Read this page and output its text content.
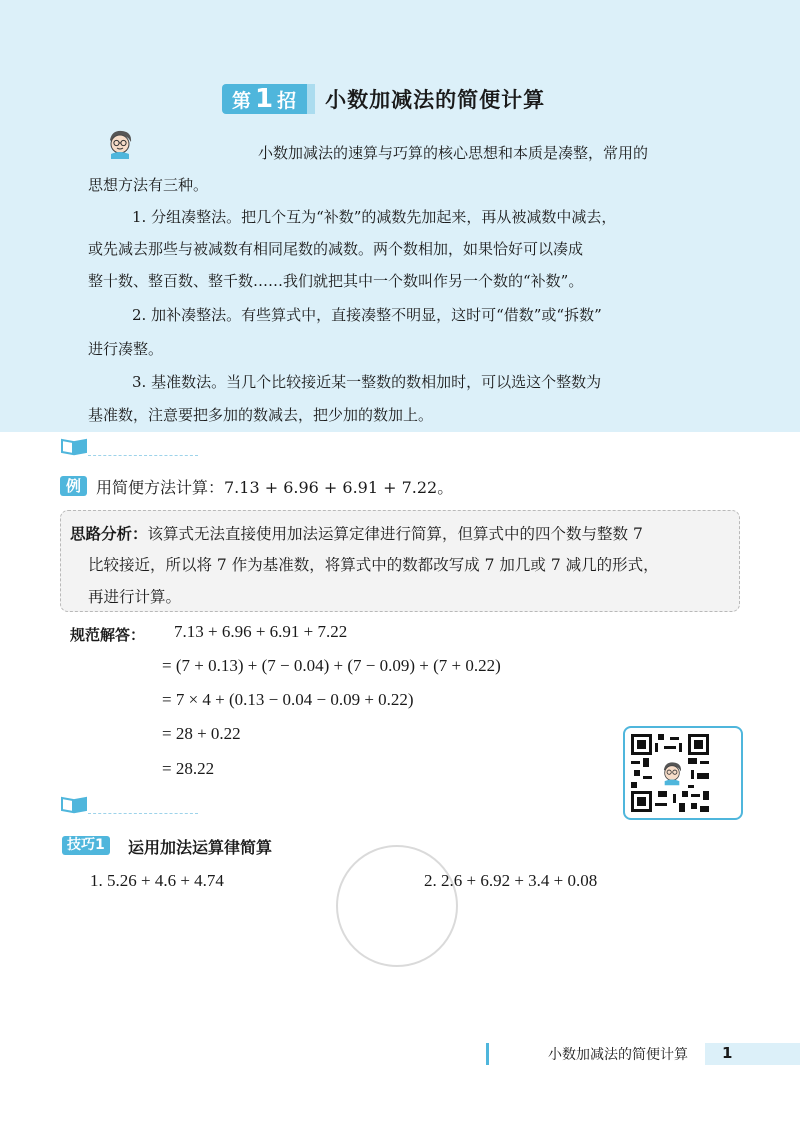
第 1 招 小数加减法的简便计算
小数加减法的速算与巧算的核心思想和本质是凑整，常用的
思想方法有三种。
1. 分组凑整法。把几个互为“补数”的减数先加起来，再从被减数中减去，
或先减去那些与被减数有相同尾数的减数。两个数相加，如果恰好可以凑成
整十数、整百数、整千数……我们就把其中一个数叫作另一个数的“补数”。
2. 加补凑整法。有些算式中，直接凑整不明显，这时可“借数”或“拆数”
进行凑整。
3. 基准数法。当几个比较接近某一整数的数相加时，可以选这个整数为
基准数，注意要把多加的数减去，把少加的数加上。
例 用简便方法计算：7.13 + 6.96 + 6.91 + 7.22。
思路分析：该算式无法直接使用加法运算定律进行简算，但算式中的四个数与整数 7
比较接近，所以将 7 作为基准数，将算式中的数都改写成 7 加几或 7 减几的形式，
再进行计算。
规范解答： 7.13 + 6.96 + 6.91 + 7.22
= (7 + 0.13) + (7 − 0.04) + (7 − 0.09) + (7 + 0.22)
= 7 × 4 + (0.13 − 0.04 − 0.09 + 0.22)
= 28 + 0.22
= 28.22
技巧1	运用加法运算律简算
1. 5.26 + 4.6 + 4.74	2. 2.6 + 6.92 + 3.4 + 0.08
小数加减法的简便计算 1
